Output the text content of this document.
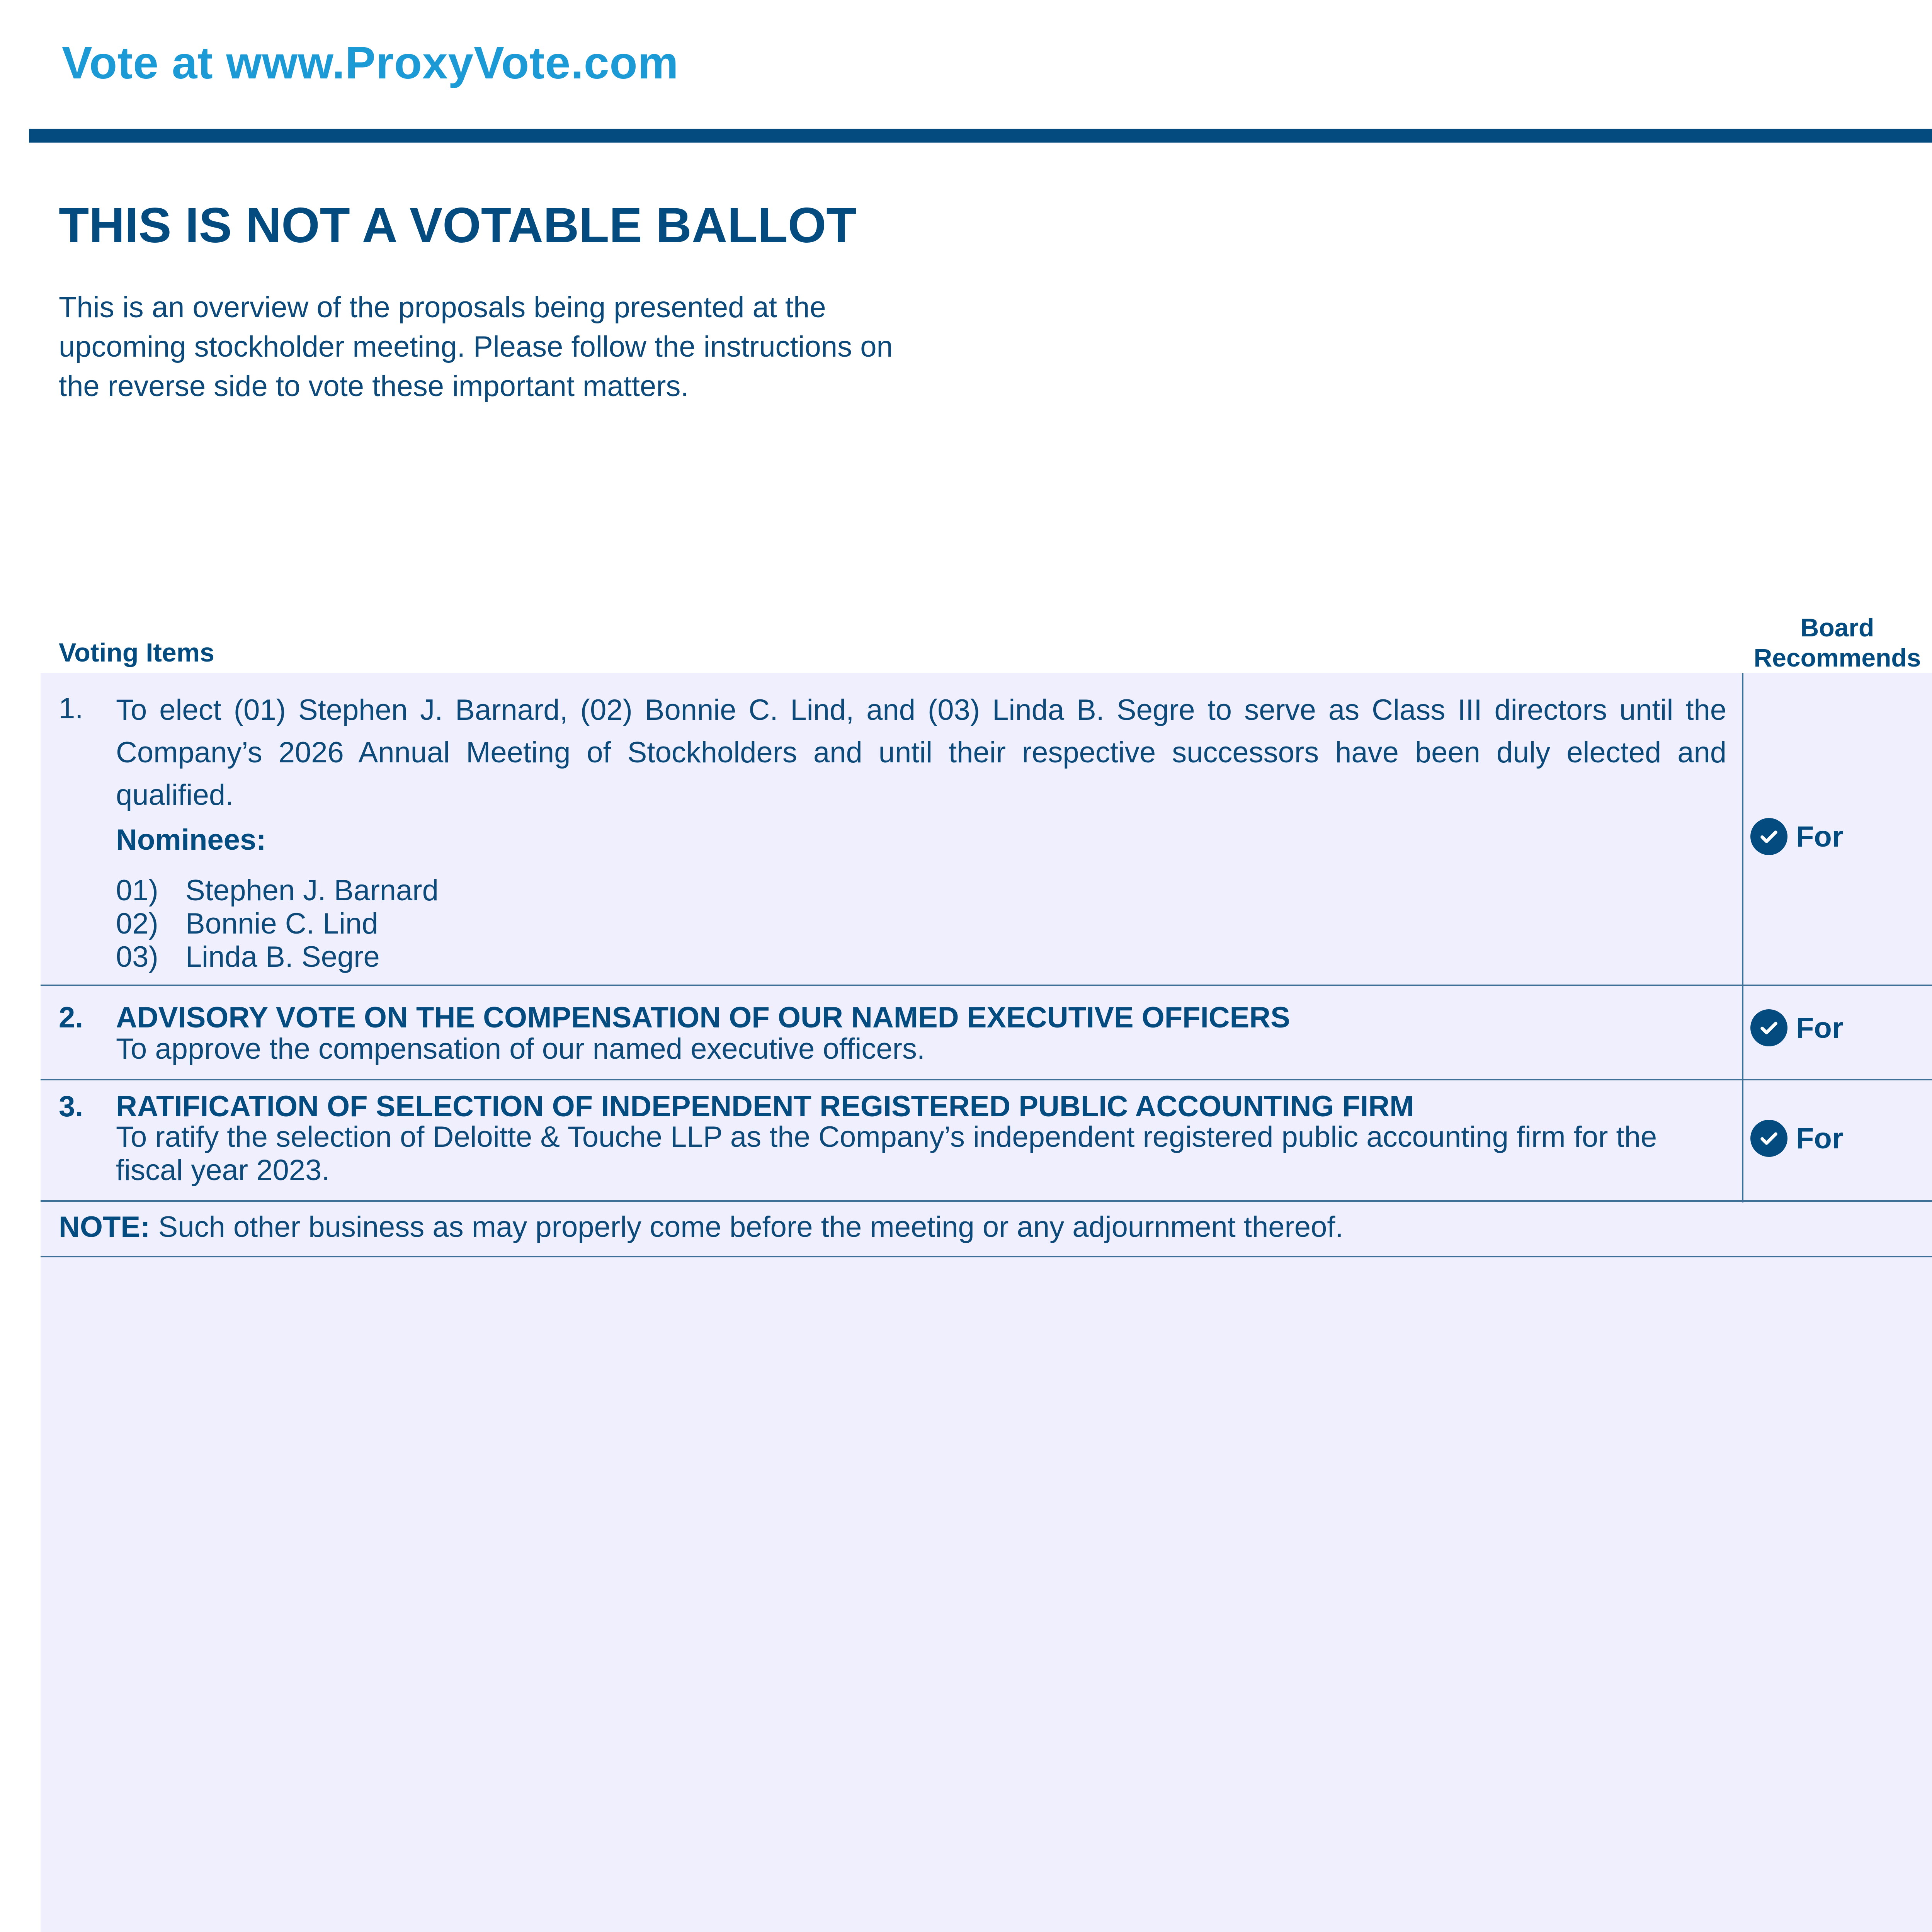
Vote at www.ProxyVote.com
THIS IS NOT A VOTABLE BALLOT
This is an overview of the proposals being presented at the
upcoming stockholder meeting. Please follow the instructions on
the reverse side to vote these important matters.
Voting Items
Board
Recommends
1. To elect (01) Stephen J. Barnard, (02) Bonnie C. Lind, and (03) Linda B. Segre to serve as Class III directors until the Company’s 2026 Annual Meeting of Stockholders and until their respective successors have been duly elected and qualified.
Nominees:
01) Stephen J. Barnard
02) Bonnie C. Lind
03) Linda B. Segre
For
2. ADVISORY VOTE ON THE COMPENSATION OF OUR NAMED EXECUTIVE OFFICERS
To approve the compensation of our named executive officers.
For
3. RATIFICATION OF SELECTION OF INDEPENDENT REGISTERED PUBLIC ACCOUNTING FIRM
To ratify the selection of Deloitte & Touche LLP as the Company’s independent registered public accounting firm for the
fiscal year 2023.
For
NOTE: Such other business as may properly come before the meeting or any adjournment thereof.
